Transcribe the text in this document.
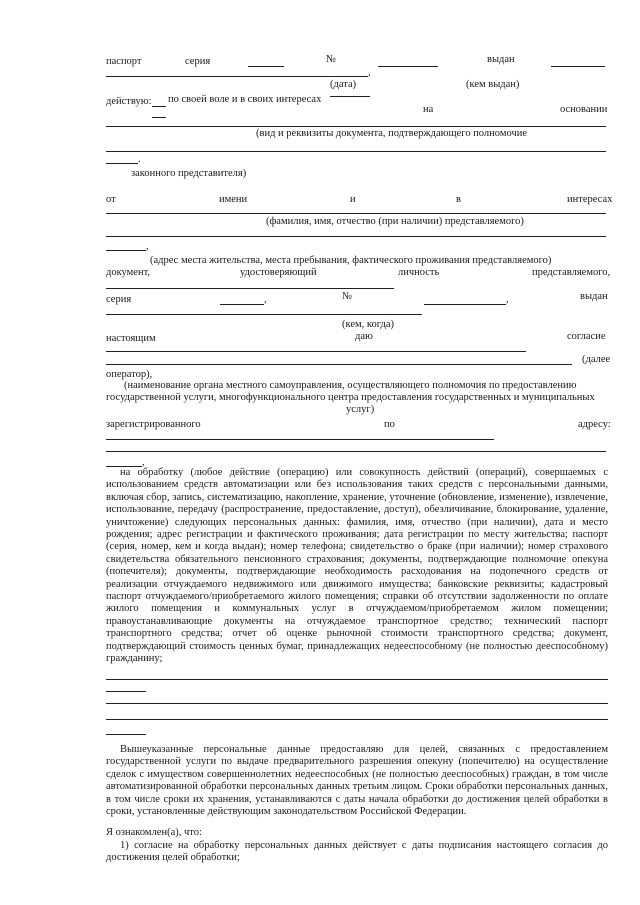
паспорт	серия	№	выдан
,
(дата)	(кем выдан)
действую: по своей воле и в своих интересах
на	основании
(вид и реквизиты документа, подтверждающего полномочие
.
законного представителя)
от	имени	и	в	интересах
(фамилия, имя, отчество (при наличии) представляемого)
,
(адрес места жительства, места пребывания, фактического проживания представляемого)
документ,	удостоверяющий	личность	представляемого,
серия	,	№	,	выдан
(кем, когда)
настоящим	даю	согласие
(далее
оператор),
(наименование органа местного самоуправления, осуществляющего полномочия по предоставлению
государственной услуги, многофункционального центра предоставления государственных и муниципальных
услуг)
зарегистрированного	по	адресу:
,

на обработку (любое действие (операцию) или совокупность действий (операций), совершаемых с использованием средств автоматизации или без использования таких средств с персональными данными, включая сбор, запись, систематизацию, накопление, хранение, уточнение (обновление, изменение), извлечение, использование, передачу (распространение, предоставление, доступ), обезличивание, блокирование, удаление, уничтожение) следующих персональных данных: фамилия, имя, отчество (при наличии), дата и место рождения; адрес регистрации и фактического проживания; дата регистрации по месту жительства; паспорт (серия, номер, кем и когда выдан); номер телефона; свидетельство о браке (при наличии); номер страхового свидетельства обязательного пенсионного страхования; документы, подтверждающие полномочие опекуна (попечителя); документы, подтверждающие необходимость расходования на подопечного средств от реализации отчуждаемого недвижимого или движимого имущества; банковские реквизиты; кадастровый паспорт отчуждаемого/приобретаемого жилого помещения; справки об отсутствии задолженности по оплате жилого помещения и коммунальных услуг в отчуждаемом/приобретаемом жилом помещении; правоустанавливающие документы на отчуждаемое транспортное средство; технический паспорт транспортного средства; отчет об оценке рыночной стоимости транспортного средства; документ, подтверждающий стоимость ценных бумаг, принадлежащих недееспособному (не полностью дееспособному) гражданину;

Вышеуказанные персональные данные предоставляю для целей, связанных с предоставлением государственной услуги по выдаче предварительного разрешения опекуну (попечителю) на осуществление сделок с имуществом совершеннолетних недееспособных (не полностью дееспособных) граждан, в том числе автоматизированной обработки персональных данных третьим лицом. Сроки обработки персональных данных, в том числе сроки их хранения, устанавливаются с даты начала обработки до достижения целей обработки в сроки, установленные действующим законодательством Российской Федерации.

Я ознакомлен(а), что:

1) согласие на обработку персональных данных действует с даты подписания настоящего согласия до достижения целей обработки;
